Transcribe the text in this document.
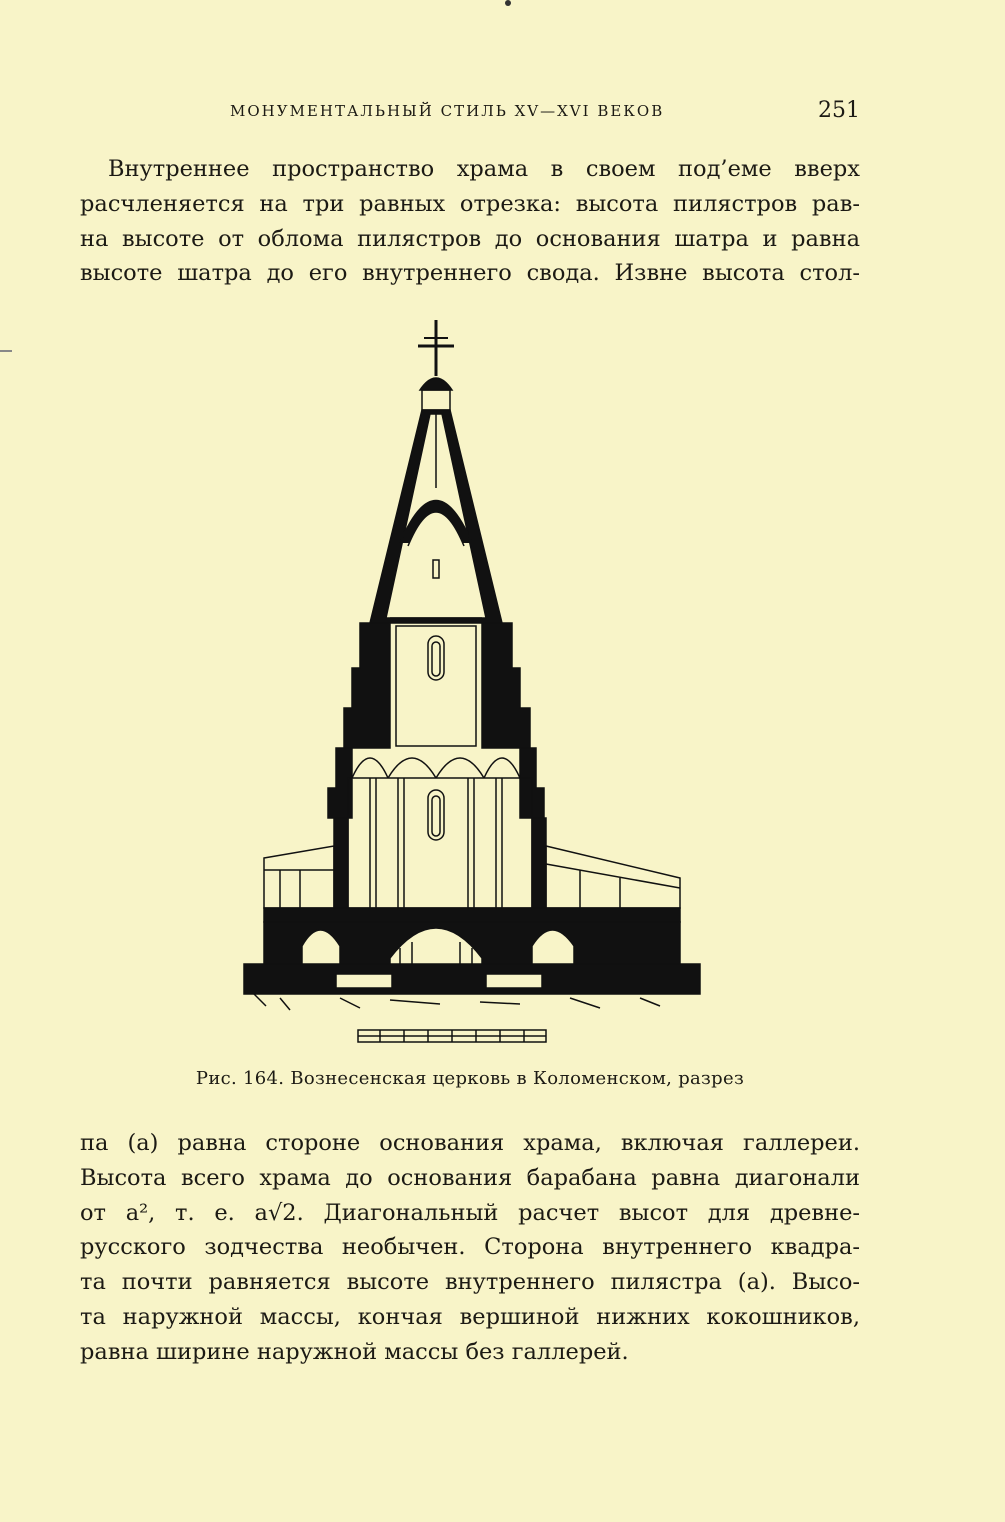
МОНУМЕНТАЛЬНЫЙ СТИЛЬ XV—XVI ВЕКОВ	251
Внутреннее пространство храма в своем под’еме вверх
расчленяется на три равных отрезка: высота пилястров рав-
на высоте от облома пилястров до основания шатра и равна
высоте шатра до его внутреннего свода. Извне высота стол-
Рис. 164. Вознесенская церковь в Коломенском, разрез
па (a) равна стороне основания храма, включая галлереи.
Высота всего храма до основания барабана равна диагонали
от a², т. е. a√2. Диагональный расчет высот для древне-
русского зодчества необычен. Сторона внутреннего квадра-
та почти равняется высоте внутреннего пилястра (a). Высо-
та наружной массы, кончая вершиной нижних кокошников,
равна ширине наружной массы без галлерей.
